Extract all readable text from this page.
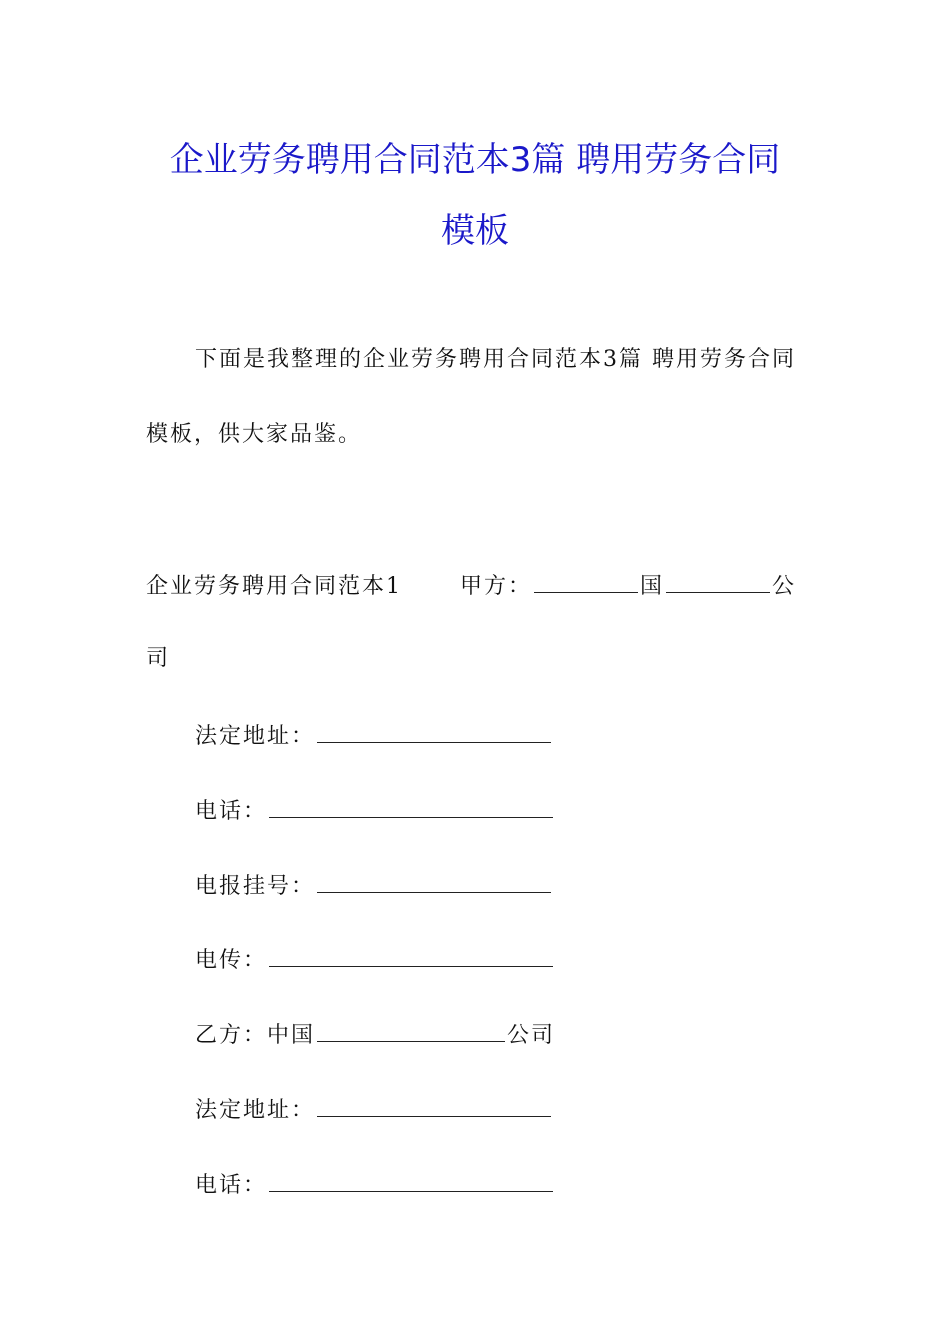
企业劳务聘用合同范本3篇 聘用劳务合同
模板
下面是我整理的企业劳务聘用合同范本3篇 聘用劳务合同
模板，供大家品鉴。
企业劳务聘用合同范本1	甲方：	国	公
司
法定地址：
电话：
电报挂号：
电传：
乙方：中国	公司
法定地址：
电话：
